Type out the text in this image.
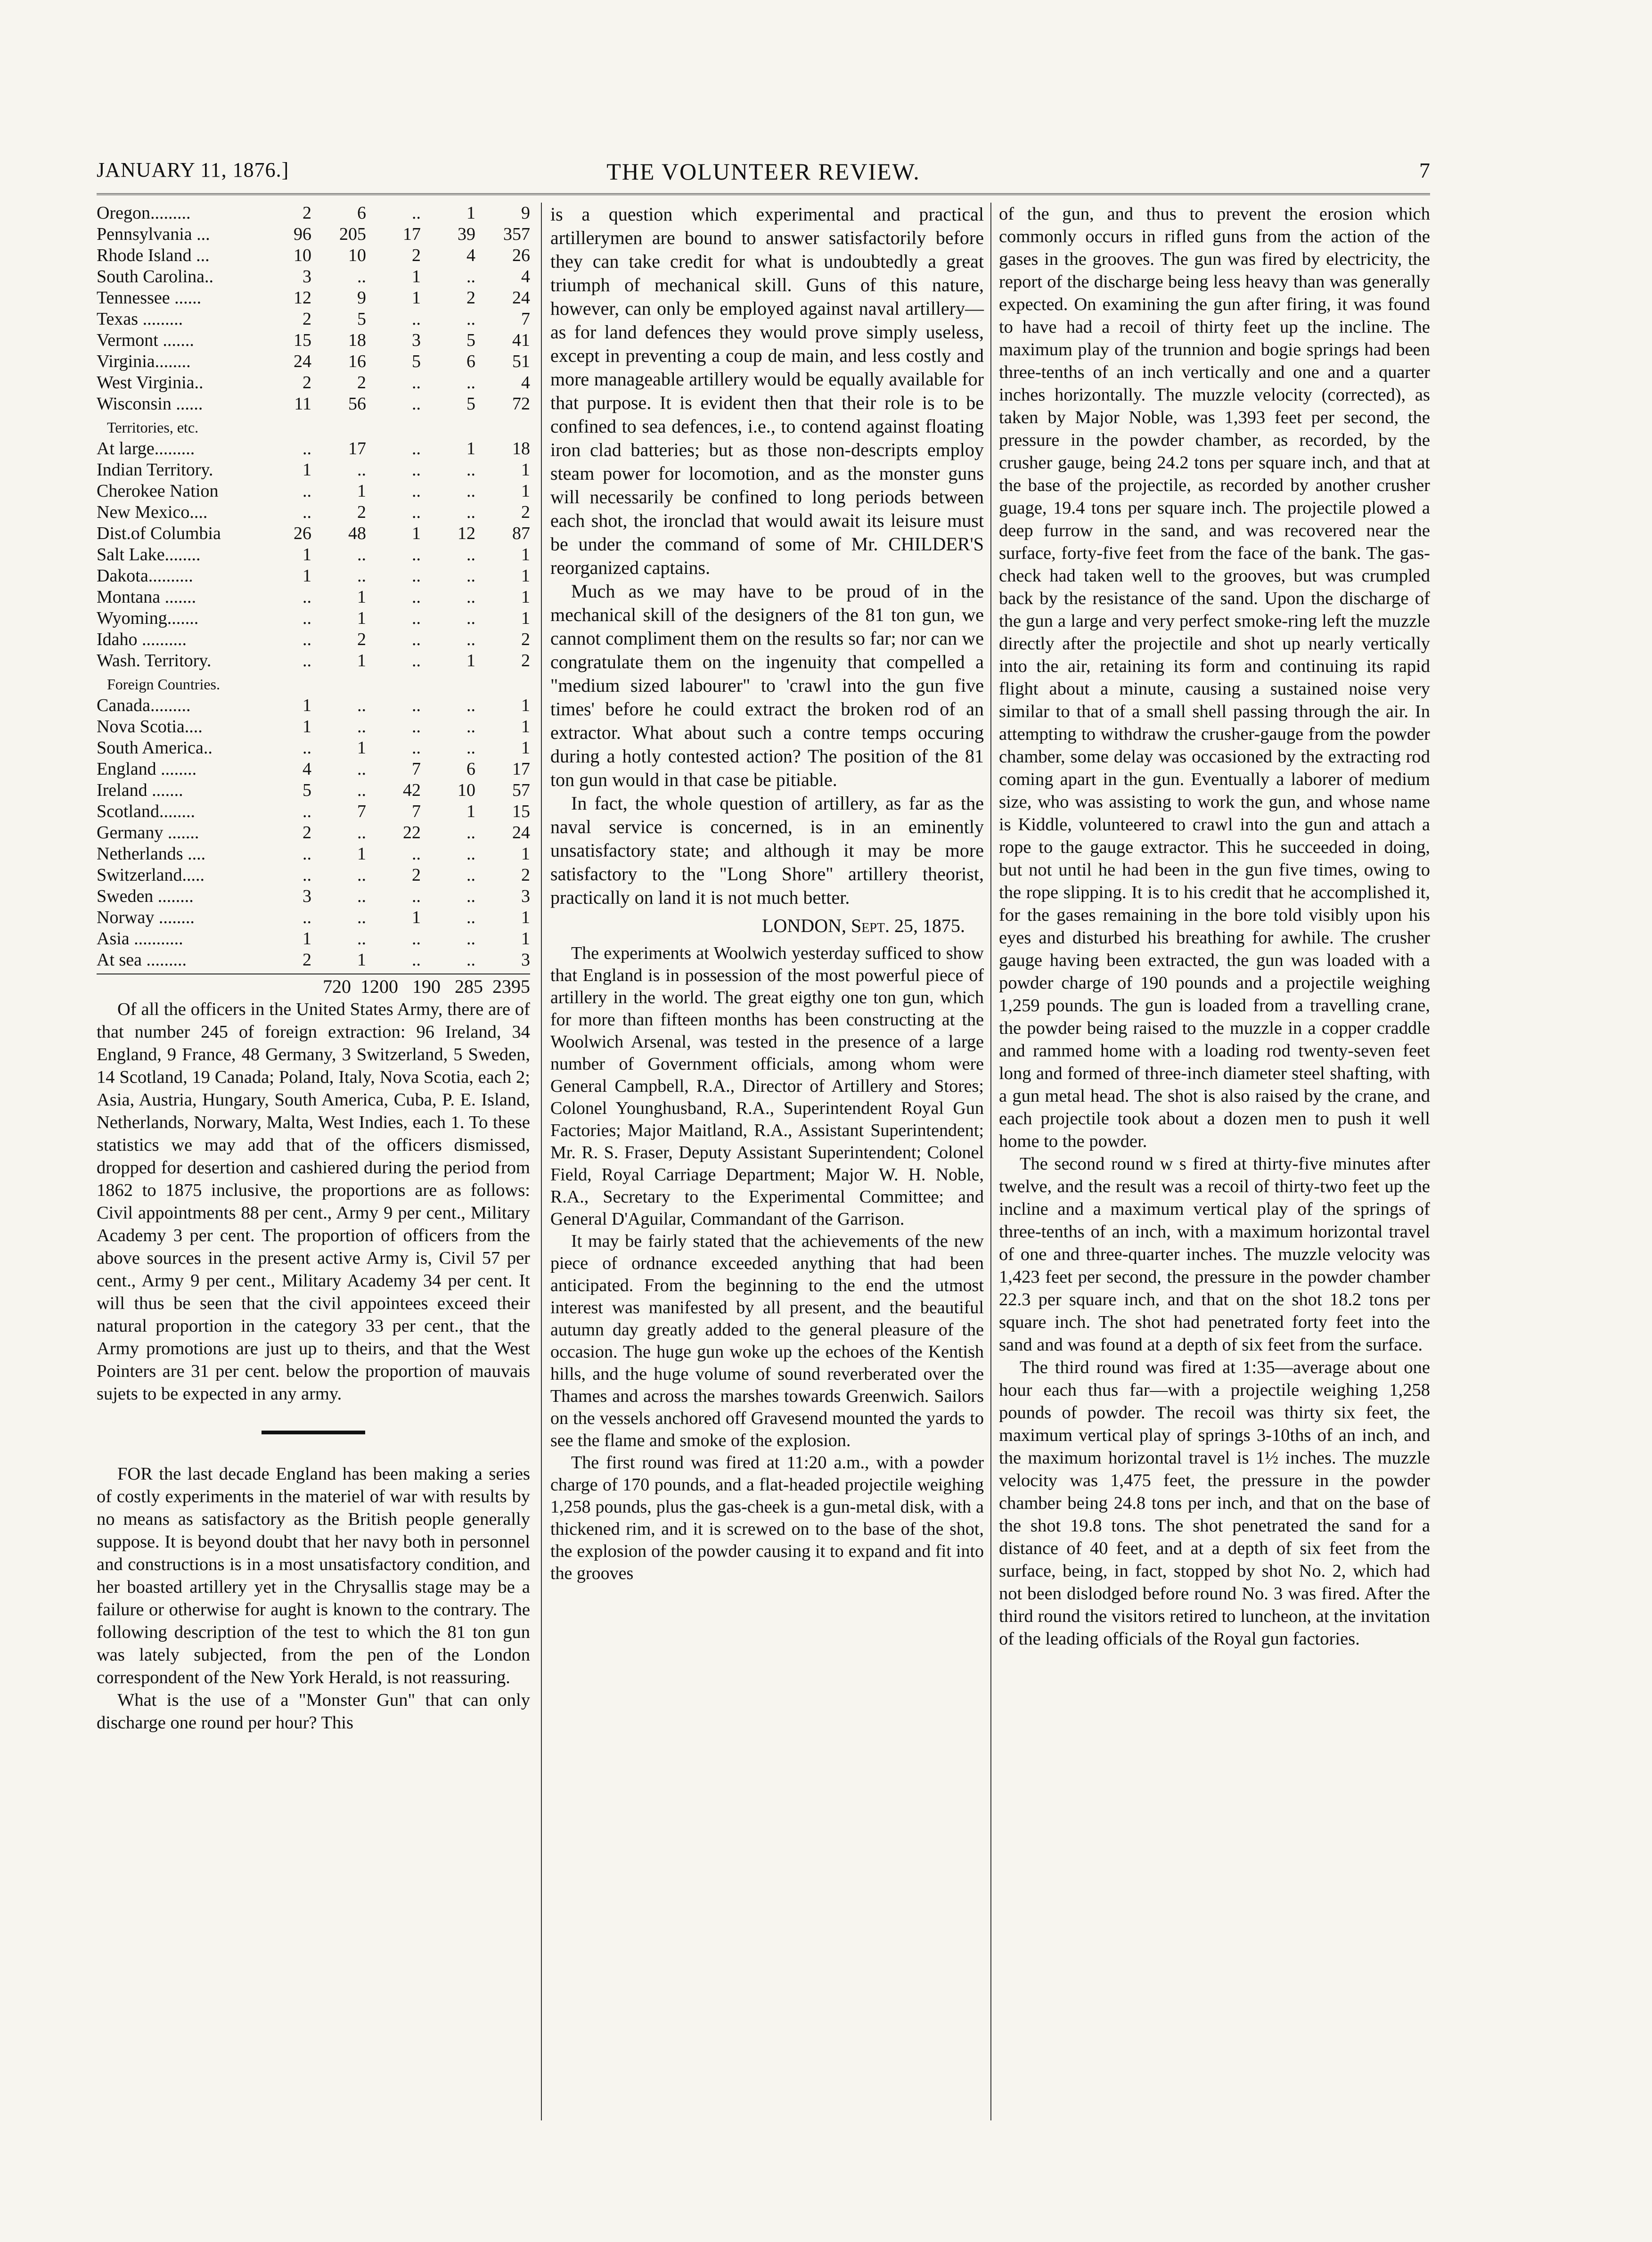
JANUARY 11, 1876.]	THE VOLUNTEER REVIEW.	7
Oregon.........	2	6	..	1	9
Pennsylvania ...	96	205	17	39	357
Rhode Island ...	10	10	2	4	26
South Carolina..	3	..	1	..	4
Tennessee ......	12	9	1	2	24
Texas .........	2	5	..	..	7
Vermont .......	15	18	3	5	41
Virginia........	24	16	5	6	51
West Virginia..	2	2	..	..	4
Wisconsin ......	11	56	..	5	72
Territories, etc.
At large.........	..	17	..	1	18
Indian Territory.	1	..	..	..	1
Cherokee Nation	..	1	..	..	1
New Mexico....	..	2	..	..	2
Dist.of Columbia	26	48	1	12	87
Salt Lake........	1	..	..	..	1
Dakota..........	1	..	..	..	1
Montana .......	..	1	..	..	1
Wyoming.......	..	1	..	..	1
Idaho ..........	..	2	..	..	2
Wash. Territory.	..	1	..	1	2
Foreign Countries.
Canada.........	1	..	..	..	1
Nova Scotia....	1	..	..	..	1
South America..	..	1	..	..	1
England ........	4	..	7	6	17
Ireland .......	5	..	42	10	57
Scotland........	..	7	7	1	15
Germany .......	2	..	22	..	24
Netherlands ....	..	1	..	..	1
Switzerland.....	..	..	2	..	2
Sweden ........	3	..	..	..	3
Norway ........	..	..	1	..	1
Asia ...........	1	..	..	..	1
At sea .........	2	1	..	..	3
720  1200   190   285  2395

Of all the officers in the United States Army, there are of that number 245 of foreign extraction: 96 Ireland, 34 England, 9 France, 48 Germany, 3 Switzerland, 5 Sweden, 14 Scotland, 19 Canada; Poland, Italy, Nova Scotia, each 2; Asia, Austria, Hungary, South America, Cuba, P. E. Island, Netherlands, Norwary, Malta, West Indies, each 1. To these statistics we may add that of the officers dismissed, dropped for desertion and cashiered during the period from 1862 to 1875 inclusive, the proportions are as follows: Civil appointments 88 per cent., Army 9 per cent., Military Academy 3 per cent. The proportion of officers from the above sources in the present active Army is, Civil 57 per cent., Army 9 per cent., Military Academy 34 per cent. It will thus be seen that the civil appointees exceed their natural proportion in the category 33 per cent., that the Army promotions are just up to theirs, and that the West Pointers are 31 per cent. below the proportion of mauvais sujets to be expected in any army.

FOR the last decade England has been making a series of costly experiments in the materiel of war with results by no means as satisfactory as the British people generally suppose. It is beyond doubt that her navy both in personnel and constructions is in a most unsatisfactory condition, and her boasted artillery yet in the Chrysallis stage may be a failure or otherwise for aught is known to the contrary. The following description of the test to which the 81 ton gun was lately subjected, from the pen of the London correspondent of the New York Herald, is not reassuring.

What is the use of a "Monster Gun" that can only discharge one round per hour? This

is a question which experimental and practical artillerymen are bound to answer satisfactorily before they can take credit for what is undoubtedly a great triumph of mechanical skill. Guns of this nature, however, can only be employed against naval artillery—as for land defences they would prove simply useless, except in preventing a coup de main, and less costly and more manageable artillery would be equally available for that purpose. It is evident then that their role is to be confined to sea defences, i.e., to contend against floating iron clad batteries; but as those non-descripts employ steam power for locomotion, and as the monster guns will necessarily be confined to long periods between each shot, the ironclad that would await its leisure must be under the command of some of Mr. CHILDER'S reorganized captains.

Much as we may have to be proud of in the mechanical skill of the designers of the 81 ton gun, we cannot compliment them on the results so far; nor can we congratulate them on the ingenuity that compelled a "medium sized labourer" to 'crawl into the gun five times' before he could extract the broken rod of an extractor. What about such a contre temps occuring during a hotly contested action? The position of the 81 ton gun would in that case be pitiable.

In fact, the whole question of artillery, as far as the naval service is concerned, is in an eminently unsatisfactory state; and although it may be more satisfactory to the "Long Shore" artillery theorist, practically on land it is not much better.

LONDON, Sept. 25, 1875.

The experiments at Woolwich yesterday sufficed to show that England is in possession of the most powerful piece of artillery in the world. The great eigthy one ton gun, which for more than fifteen months has been constructing at the Woolwich Arsenal, was tested in the presence of a large number of Government officials, among whom were General Campbell, R.A., Director of Artillery and Stores; Colonel Younghusband, R.A., Superintendent Royal Gun Factories; Major Maitland, R.A., Assistant Superintendent; Mr. R. S. Fraser, Deputy Assistant Superintendent; Colonel Field, Royal Carriage Department; Major W. H. Noble, R.A., Secretary to the Experimental Committee; and General D'Aguilar, Commandant of the Garrison.

It may be fairly stated that the achievements of the new piece of ordnance exceeded anything that had been anticipated. From the beginning to the end the utmost interest was manifested by all present, and the beautiful autumn day greatly added to the general pleasure of the occasion. The huge gun woke up the echoes of the Kentish hills, and the huge volume of sound reverberated over the Thames and across the marshes towards Greenwich. Sailors on the vessels anchored off Gravesend mounted the yards to see the flame and smoke of the explosion.

The first round was fired at 11:20 a.m., with a powder charge of 170 pounds, and a flat-headed projectile weighing 1,258 pounds, plus the gas-cheek is a gun-metal disk, with a thickened rim, and it is screwed on to the base of the shot, the explosion of the powder causing it to expand and fit into the grooves

of the gun, and thus to prevent the erosion which commonly occurs in rifled guns from the action of the gases in the grooves. The gun was fired by electricity, the report of the discharge being less heavy than was generally expected. On examining the gun after firing, it was found to have had a recoil of thirty feet up the incline. The maximum play of the trunnion and bogie springs had been three-tenths of an inch vertically and one and a quarter inches horizontally. The muzzle velocity (corrected), as taken by Major Noble, was 1,393 feet per second, the pressure in the powder chamber, as recorded, by the crusher gauge, being 24.2 tons per square inch, and that at the base of the projectile, as recorded by another crusher guage, 19.4 tons per square inch. The projectile plowed a deep furrow in the sand, and was recovered near the surface, forty-five feet from the face of the bank. The gas-check had taken well to the grooves, but was crumpled back by the resistance of the sand. Upon the discharge of the gun a large and very perfect smoke-ring left the muzzle directly after the projectile and shot up nearly vertically into the air, retaining its form and continuing its rapid flight about a minute, causing a sustained noise very similar to that of a small shell passing through the air. In attempting to withdraw the crusher-gauge from the powder chamber, some delay was occasioned by the extracting rod coming apart in the gun. Eventually a laborer of medium size, who was assisting to work the gun, and whose name is Kiddle, volunteered to crawl into the gun and attach a rope to the gauge extractor. This he succeeded in doing, but not until he had been in the gun five times, owing to the rope slipping. It is to his credit that he accomplished it, for the gases remaining in the bore told visibly upon his eyes and disturbed his breathing for awhile. The crusher gauge having been extracted, the gun was loaded with a powder charge of 190 pounds and a projectile weighing 1,259 pounds. The gun is loaded from a travelling crane, the powder being raised to the muzzle in a copper craddle and rammed home with a loading rod twenty-seven feet long and formed of three-inch diameter steel shafting, with a gun metal head. The shot is also raised by the crane, and each projectile took about a dozen men to push it well home to the powder.

The second round w s fired at thirty-five minutes after twelve, and the result was a recoil of thirty-two feet up the incline and a maximum vertical play of the springs of three-tenths of an inch, with a maximum horizontal travel of one and three-quarter inches. The muzzle velocity was 1,423 feet per second, the pressure in the powder chamber 22.3 per square inch, and that on the shot 18.2 tons per square inch. The shot had penetrated forty feet into the sand and was found at a depth of six feet from the surface.

The third round was fired at 1:35—average about one hour each thus far—with a projectile weighing 1,258 pounds of powder. The recoil was thirty six feet, the maximum vertical play of springs 3-10ths of an inch, and the maximum horizontal travel is 1½ inches. The muzzle velocity was 1,475 feet, the pressure in the powder chamber being 24.8 tons per inch, and that on the base of the shot 19.8 tons. The shot penetrated the sand for a distance of 40 feet, and at a depth of six feet from the surface, being, in fact, stopped by shot No. 2, which had not been dislodged before round No. 3 was fired. After the third round the visitors retired to luncheon, at the invitation of the leading officials of the Royal gun factories.
